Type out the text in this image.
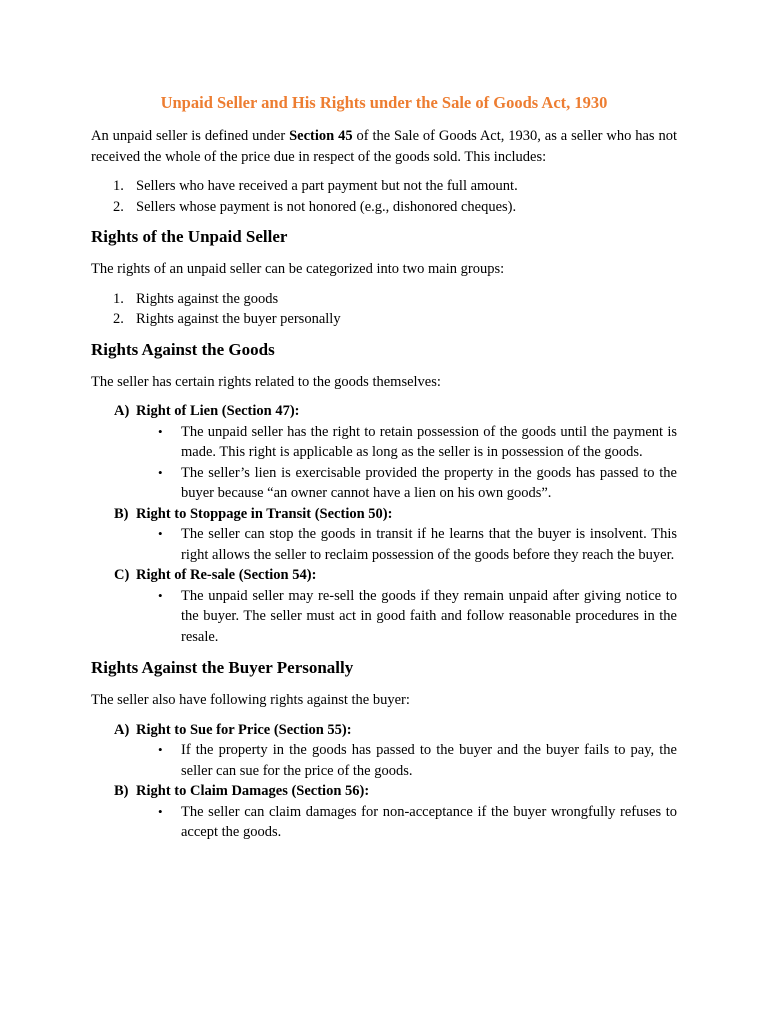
Unpaid Seller and His Rights under the Sale of Goods Act, 1930

An unpaid seller is defined under Section 45 of the Sale of Goods Act, 1930, as a seller who has not received the whole of the price due in respect of the goods sold. This includes:

1. Sellers who have received a part payment but not the full amount.
2. Sellers whose payment is not honored (e.g., dishonored cheques).
Rights of the Unpaid Seller

The rights of an unpaid seller can be categorized into two main groups:

1. Rights against the goods
2. Rights against the buyer personally
Rights Against the Goods

The seller has certain rights related to the goods themselves:

A) Right of Lien (Section 47):
• The unpaid seller has the right to retain possession of the goods until the payment is made. This right is applicable as long as the seller is in possession of the goods.
• The seller’s lien is exercisable provided the property in the goods has passed to the buyer because “an owner cannot have a lien on his own goods”.
B) Right to Stoppage in Transit (Section 50):
• The seller can stop the goods in transit if he learns that the buyer is insolvent. This right allows the seller to reclaim possession of the goods before they reach the buyer.
C) Right of Re-sale (Section 54):
• The unpaid seller may re-sell the goods if they remain unpaid after giving notice to the buyer. The seller must act in good faith and follow reasonable procedures in the resale.
Rights Against the Buyer Personally

The seller also have following rights against the buyer:

A) Right to Sue for Price (Section 55):
• If the property in the goods has passed to the buyer and the buyer fails to pay, the seller can sue for the price of the goods.
B) Right to Claim Damages (Section 56):
• The seller can claim damages for non-acceptance if the buyer wrongfully refuses to accept the goods.
